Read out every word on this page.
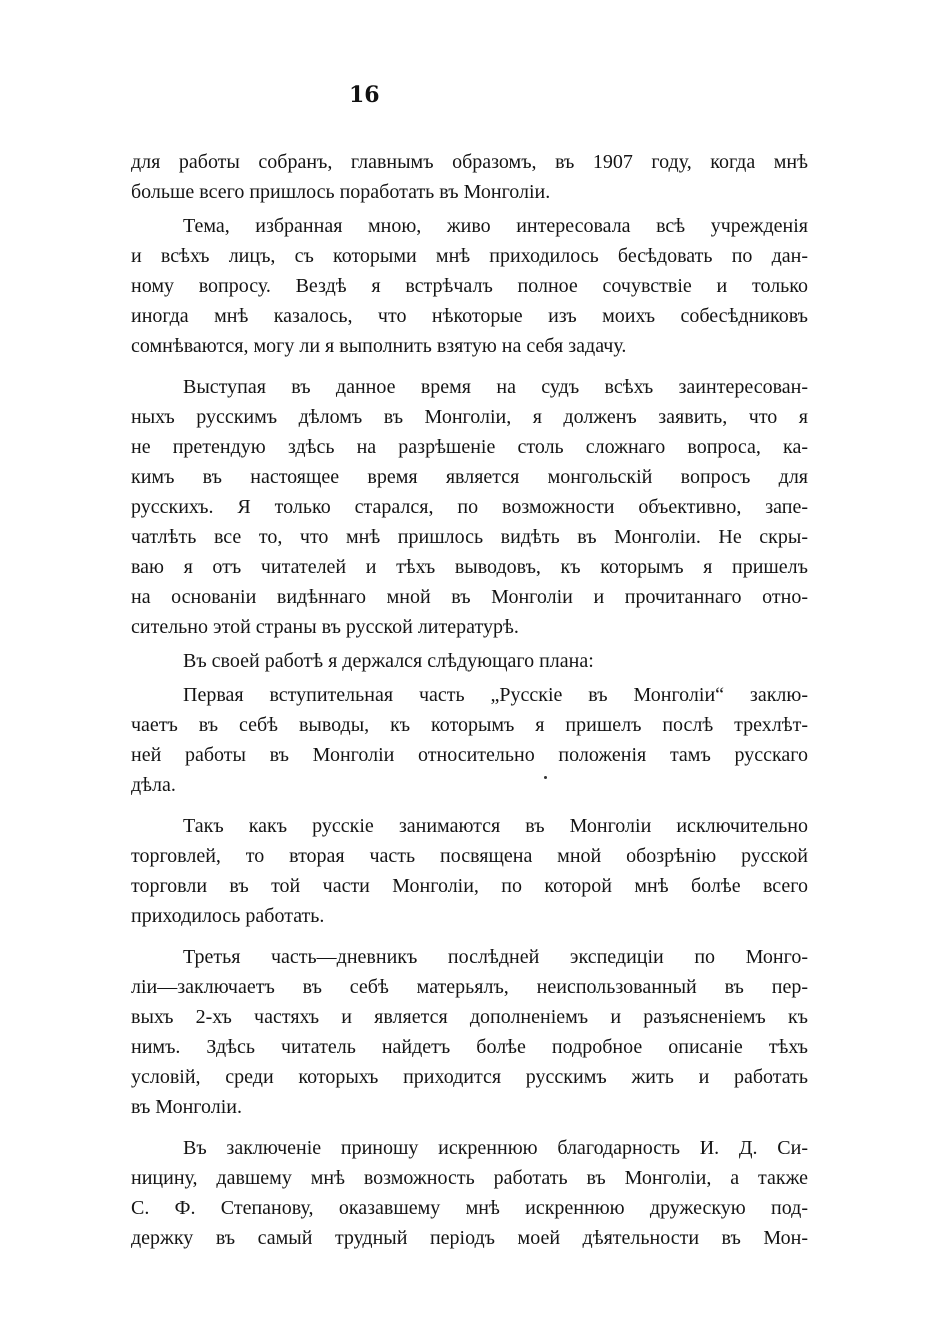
16
для работы собранъ, главнымъ образомъ, въ 1907 году, когда мнѣ
больше всего пришлось поработать въ Монголіи.
Тема, избранная мною, живо интересовала всѣ учрежденія
и всѣхъ лицъ, съ которыми мнѣ приходилось бесѣдовать по дан-
ному вопросу. Вездѣ я встрѣчалъ полное сочувствіе и только
иногда мнѣ казалось, что нѣкоторые изъ моихъ собесѣдниковъ
сомнѣваются, могу ли я выполнить взятую на себя задачу.
Выступая въ данное время на судъ всѣхъ заинтересован-
ныхъ русскимъ дѣломъ въ Монголіи, я долженъ заявить, что я
не претендую здѣсь на разрѣшеніе столь сложнаго вопроса, ка-
кимъ въ настоящее время является монгольскій вопросъ для
русскихъ. Я только старался, по возможности объективно, запе-
чатлѣть все то, что мнѣ пришлось видѣть въ Монголіи. Не скры-
ваю я отъ читателей и тѣхъ выводовъ, къ которымъ я пришелъ
на основаніи видѣннаго мной въ Монголіи и прочитаннаго отно-
сительно этой страны въ русской литературѣ.
Въ своей работѣ я держался слѣдующаго плана:
Первая вступительная часть „Русскіе въ Монголіи“ заклю-
чаетъ въ себѣ выводы, къ которымъ я пришелъ послѣ трехлѣт-
ней работы въ Монголіи относительно положенія тамъ русскаго
дѣла.
Такъ какъ русскіе занимаются въ Монголіи исключительно
торговлей, то вторая часть посвящена мной обозрѣнію русской
торговли въ той части Монголіи, по которой мнѣ болѣе всего
приходилось работать.
Третья часть—дневникъ послѣдней экспедиціи по Монго-
ліи—заключаетъ въ себѣ матерьялъ, неиспользованный въ пер-
выхъ 2-хъ частяхъ и является дополненіемъ и разъясненіемъ къ
нимъ. Здѣсь читатель найдетъ болѣе подробное описаніе тѣхъ
условій, среди которыхъ приходится русскимъ жить и работать
въ Монголіи.
Въ заключеніе приношу искреннюю благодарность И. Д. Си-
ницину, давшему мнѣ возможность работать въ Монголіи, а также
С. Ф. Степанову, оказавшему мнѣ искреннюю дружескую под-
держку въ самый трудный періодъ моей дѣятельности въ Мон-
